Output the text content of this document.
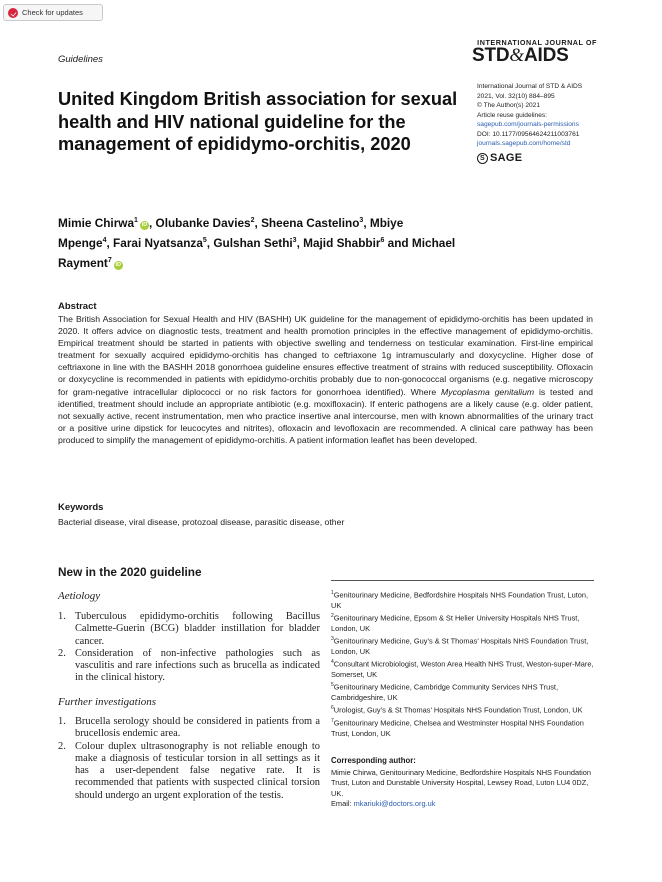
Check for updates
Guidelines
INTERNATIONAL JOURNAL OF
STD&AIDS
International Journal of STD & AIDS
2021, Vol. 32(10) 884–895
© The Author(s) 2021
Article reuse guidelines:
sagepub.com/journals-permissions
DOI: 10.1177/09564624211003761
journals.sagepub.com/home/std
S SAGE
United Kingdom British association for sexual health and HIV national guideline for the management of epididymo-orchitis, 2020
Mimie Chirwa$^1$iD , Olubanke Davies$^2$, Sheena Castelino$^3$, Mbiye Mpenge$^4$, Farai Nyatsanza$^5$, Gulshan Sethi$^3$, Majid Shabbir$^6$ and Michael Rayment$^7$iD
Abstract
The British Association for Sexual Health and HIV (BASHH) UK guideline for the management of epididymo-orchitis has been updated in 2020. It offers advice on diagnostic tests, treatment and health promotion principles in the effective management of epididymo-orchitis. Empirical treatment should be started in patients with objective swelling and tenderness on testicular examination. First-line empirical treatment for sexually acquired epididymo-orchitis has changed to ceftriaxone 1g intramuscularly and doxycycline. Higher dose of ceftriaxone in line with the BASHH 2018 gonorrhoea guideline ensures effective treatment of strains with reduced susceptibility. Ofloxacin or doxycycline is recommended in patients with epididymo-orchitis probably due to non-gonococcal organisms (e.g. negative microscopy for gram-negative intracellular diplococci or no risk factors for gonorrhoea identified). Where Mycoplasma genitalium is tested and identified, treatment should include an appropriate antibiotic (e.g. moxifloxacin). If enteric pathogens are a likely cause (e.g. older patient, not sexually active, recent instrumentation, men who practice insertive anal intercourse, men with known abnormalities of the urinary tract or a positive urine dipstick for leucocytes and nitrites), ofloxacin and levofloxacin are recommended. A clinical care pathway has been produced to simplify the management of epididymo-orchitis. A patient information leaflet has been developed.
Keywords
Bacterial disease, viral disease, protozoal disease, parasitic disease, other
New in the 2020 guideline
Aetiology
1. Tuberculous epididymo-orchitis following Bacillus Calmette-Guerin (BCG) bladder instillation for bladder cancer.
2. Consideration of non-infective pathologies such as vasculitis and rare infections such as brucella as indicated in the clinical history.
Further investigations
1. Brucella serology should be considered in patients from a brucellosis endemic area.
2. Colour duplex ultrasonography is not reliable enough to make a diagnosis of testicular torsion in all settings as it has a user-dependent false negative rate. It is recommended that patients with suspected clinical torsion should undergo an urgent exploration of the testis.
$^1$Genitourinary Medicine, Bedfordshire Hospitals NHS Foundation Trust, Luton, UK
$^2$Genitourinary Medicine, Epsom & St Helier University Hospitals NHS Trust, London, UK
$^3$Genitourinary Medicine, Guy’s & St Thomas’ Hospitals NHS Foundation Trust, London, UK
$^4$Consultant Microbiologist, Weston Area Health NHS Trust, Weston-super-Mare, Somerset, UK
$^5$Genitourinary Medicine, Cambridge Community Services NHS Trust, Cambridgeshire, UK
$^6$Urologist, Guy’s & St Thomas’ Hospitals NHS Foundation Trust, London, UK
$^7$Genitourinary Medicine, Chelsea and Westminster Hospital NHS Foundation Trust, London, UK
Corresponding author:
Mimie Chirwa, Genitourinary Medicine, Bedfordshire Hospitals NHS Foundation Trust, Luton and Dunstable University Hospital, Lewsey Road, Luton LU4 0DZ, UK.
Email: mkariuki@doctors.org.uk
